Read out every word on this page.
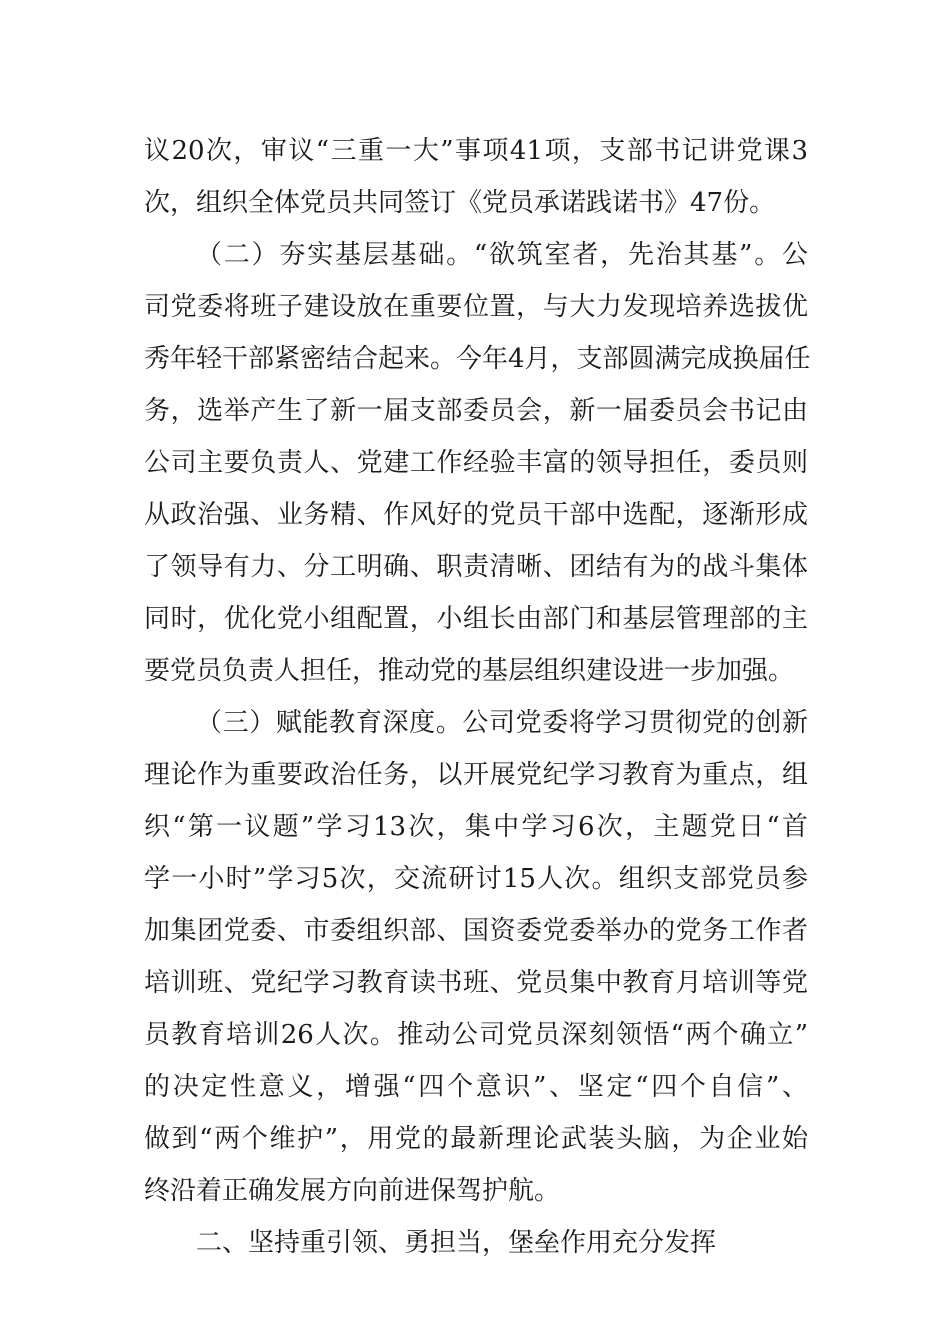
议20次，审议“三重一大”事项41项，支部书记讲党课3
次，组织全体党员共同签订《党员承诺践诺书》47份。
（二）夯实基层基础。“欲筑室者，先治其基”。公
司党委将班子建设放在重要位置，与大力发现培养选拔优
秀年轻干部紧密结合起来。今年4月，支部圆满完成换届任
务，选举产生了新一届支部委员会，新一届委员会书记由
公司主要负责人、党建工作经验丰富的领导担任，委员则
从政治强、业务精、作风好的党员干部中选配，逐渐形成
了领导有力、分工明确、职责清晰、团结有为的战斗集体
同时，优化党小组配置，小组长由部门和基层管理部的主
要党员负责人担任，推动党的基层组织建设进一步加强。
（三）赋能教育深度。公司党委将学习贯彻党的创新
理论作为重要政治任务，以开展党纪学习教育为重点，组
织“第一议题”学习13次，集中学习6次，主题党日“首
学一小时”学习5次，交流研讨15人次。组织支部党员参
加集团党委、市委组织部、国资委党委举办的党务工作者
培训班、党纪学习教育读书班、党员集中教育月培训等党
员教育培训26人次。推动公司党员深刻领悟“两个确立”
的决定性意义，增强“四个意识”、坚定“四个自信”、
做到“两个维护”，用党的最新理论武装头脑，为企业始
终沿着正确发展方向前进保驾护航。
二、坚持重引领、勇担当，堡垒作用充分发挥
